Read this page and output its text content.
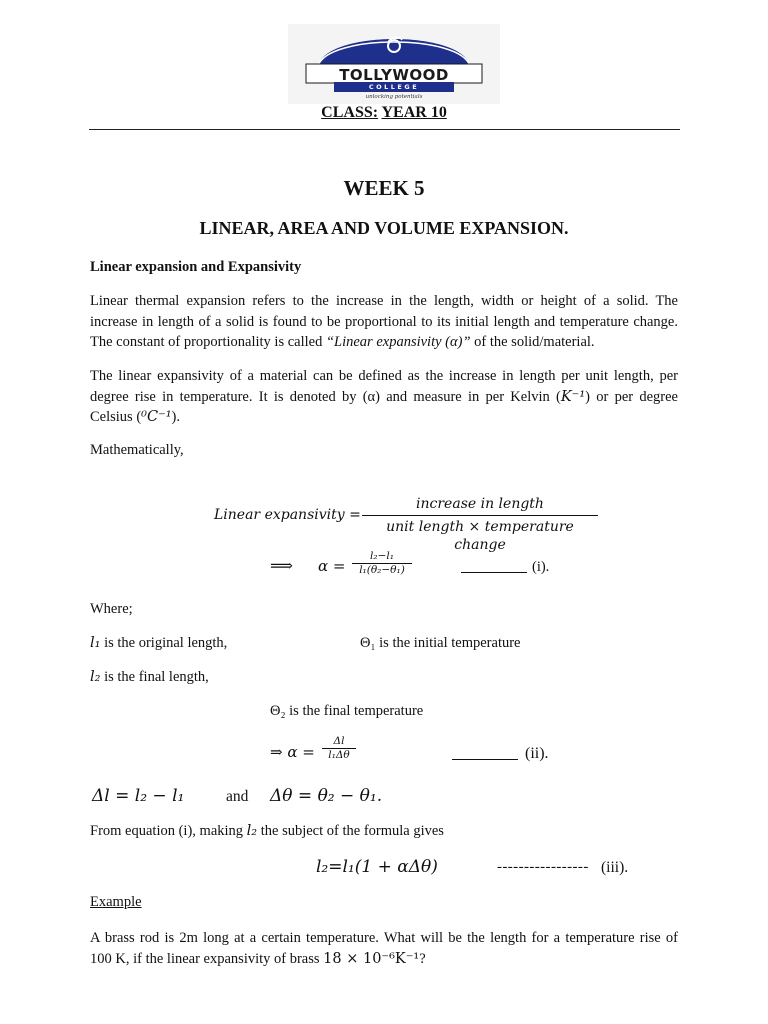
TOLLYWOOD
COLLEGE
unlocking potentials
CLASS: YEAR 10
WEEK 5
LINEAR, AREA AND VOLUME EXPANSION.
Linear expansion and Expansivity
Linear thermal expansion refers to the increase in the length, width or height of a solid. The
increase in length of a solid is found to be proportional to its initial length and temperature change.
The constant of proportionality is called “Linear expansivity (α)” of the solid/material.
The linear expansivity of a material can be defined as the increase in length per unit length, per
degree rise in temperature. It is denoted by (α) and measure in per Kelvin (K⁻¹) or per degree
Celsius (⁰C⁻¹).
Mathematically,
Linear expansivity =
increase in length
unit length × temperature change
⟹ α =
l₂−l₁
l₁(θ₂−θ₁)	(i).
Where;
l₁ is the original length,	Θ₁ is the initial temperature
l₂ is the final length,
Θ₂ is the final temperature
⇒ α =
Δl
l₁Δθ	(ii).
Δl = l₂ − l₁	and Δθ = θ₂ − θ₁.
From equation (i), making l₂ the subject of the formula gives
l₂=l₁(1 + αΔθ)	----------------- (iii).
Example
A brass rod is 2m long at a certain temperature. What will be the length for a temperature rise of
100 K, if the linear expansivity of brass 18 × 10⁻⁶K⁻¹?
